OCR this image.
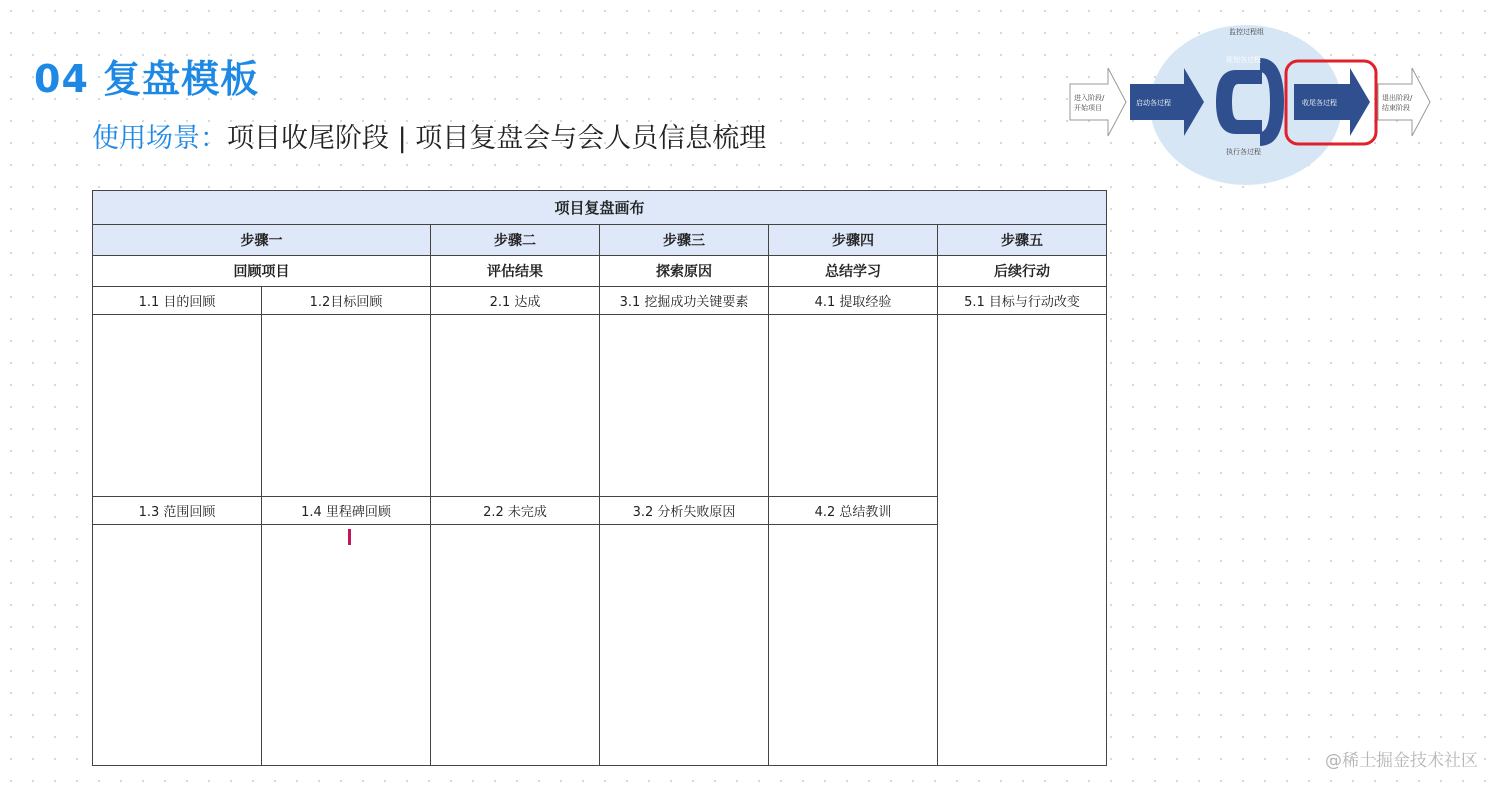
04 复盘模板
使用场景：项目收尾阶段 | 项目复盘会与会人员信息梳理
项目复盘画布
步骤一	步骤二	步骤三	步骤四	步骤五
回顾项目	评估结果	探索原因	总结学习	后续行动
1.1 目的回顾	1.2目标回顾	2.1 达成	3.1 挖掘成功关键要素	4.1 提取经验	5.1 目标与行动改变
1.3 范围回顾	1.4 里程碑回顾	2.2 未完成	3.2 分析失败原因	4.2 总结教训
进入阶段/
开始项目
启动各过程
监控过程组
规划各过程
执行各过程
收尾各过程
退出阶段/
结束阶段
@稀土掘金技术社区
